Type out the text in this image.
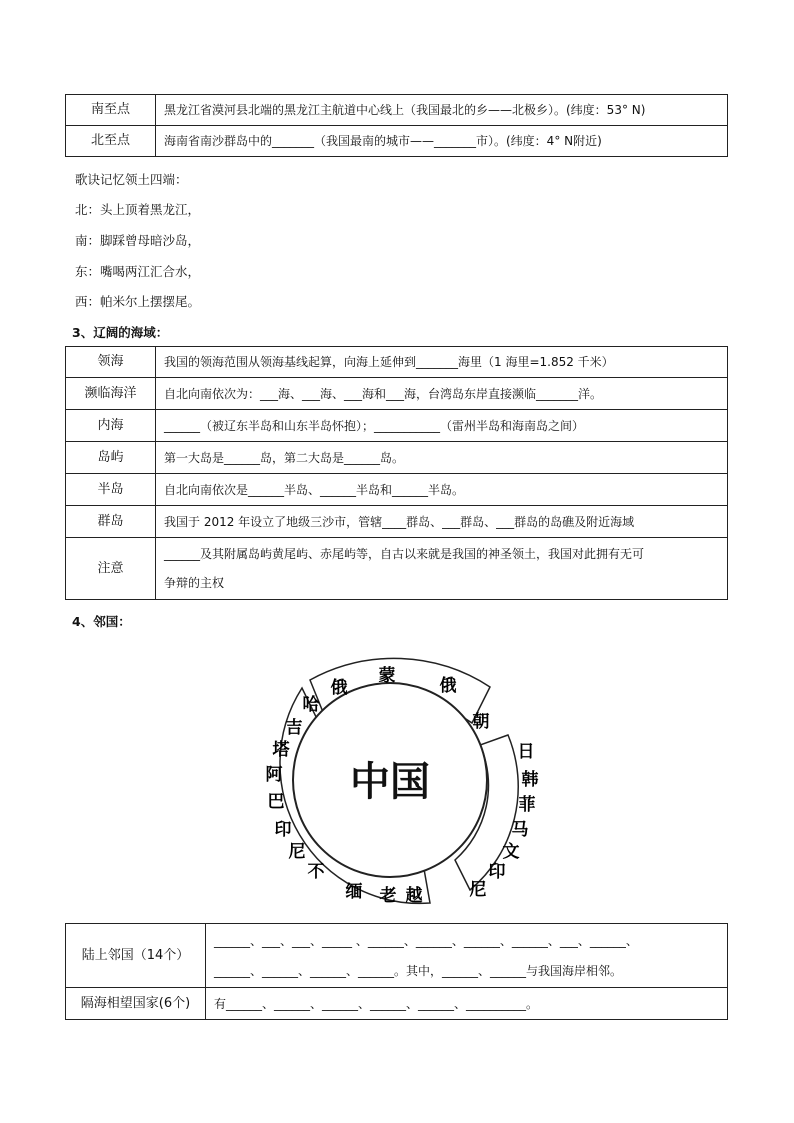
南至点	黑龙江省漠河县北端的黑龙江主航道中心线上（我国最北的乡——北极乡）。(纬度：53° N)
北至点	海南省南沙群岛中的_______（我国最南的城市——_______市）。(纬度：4° N附近)
歌诀记忆领土四端：
北：头上顶着黑龙江，
南：脚踩曾母暗沙岛，
东：嘴喝两江汇合水，
西：帕米尔上摆摆尾。
3、辽阔的海域：
领海	我国的领海范围从领海基线起算，向海上延伸到_______海里（1 海里=1.852 千米）
濒临海洋	自北向南依次为：___海、___海、___海和___海，台湾岛东岸直接濒临_______洋。
内海	______（被辽东半岛和山东半岛怀抱）；___________（雷州半岛和海南岛之间）
岛屿	第一大岛是______岛，第二大岛是______岛。
半岛	自北向南依次是______半岛、______半岛和______半岛。
群岛	我国于 2012 年设立了地级三沙市，管辖____群岛、___群岛、___群岛的岛礁及附近海域
注意	______及其附属岛屿黄尾屿、赤尾屿等，自古以来就是我国的神圣领土，我国对此拥有无可
争辩的主权
4、邻国：
中国
俄
蒙	俄
朝
哈
吉
塔
阿
巴
印
尼
不
缅 老 越
日
韩
菲
马
文
印
尼
陆上邻国（14个）	______、___、___、_____ 、______、______、______、______、___、______、
______、______、______、______。其中，______、______与我国海岸相邻。

隔海相望国家(6个)	有______、______、______、______、______、__________。
